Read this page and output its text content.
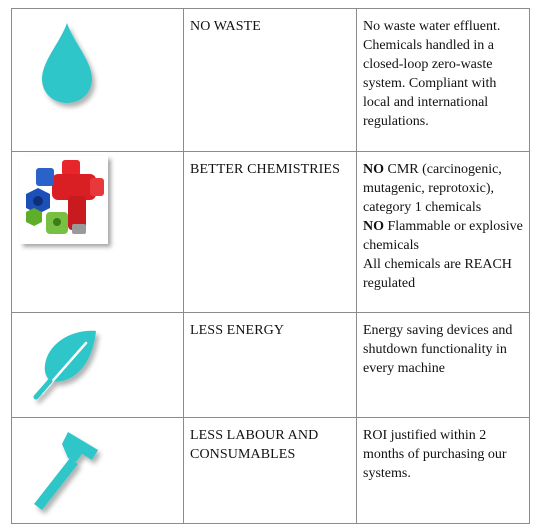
NO WASTE	No waste water effluent. Chemicals handled in a closed-loop zero-waste system. Compliant with local and international regulations.

BETTER CHEMISTRIES	NO CMR (carcinogenic, mutagenic, reprotoxic), category 1 chemicals
NO Flammable or explosive chemicals
All chemicals are REACH regulated

LESS ENERGY	Energy saving devices and shutdown functionality in every machine

LESS LABOUR AND CONSUMABLES	ROI justified within 2 months of purchasing our systems.
